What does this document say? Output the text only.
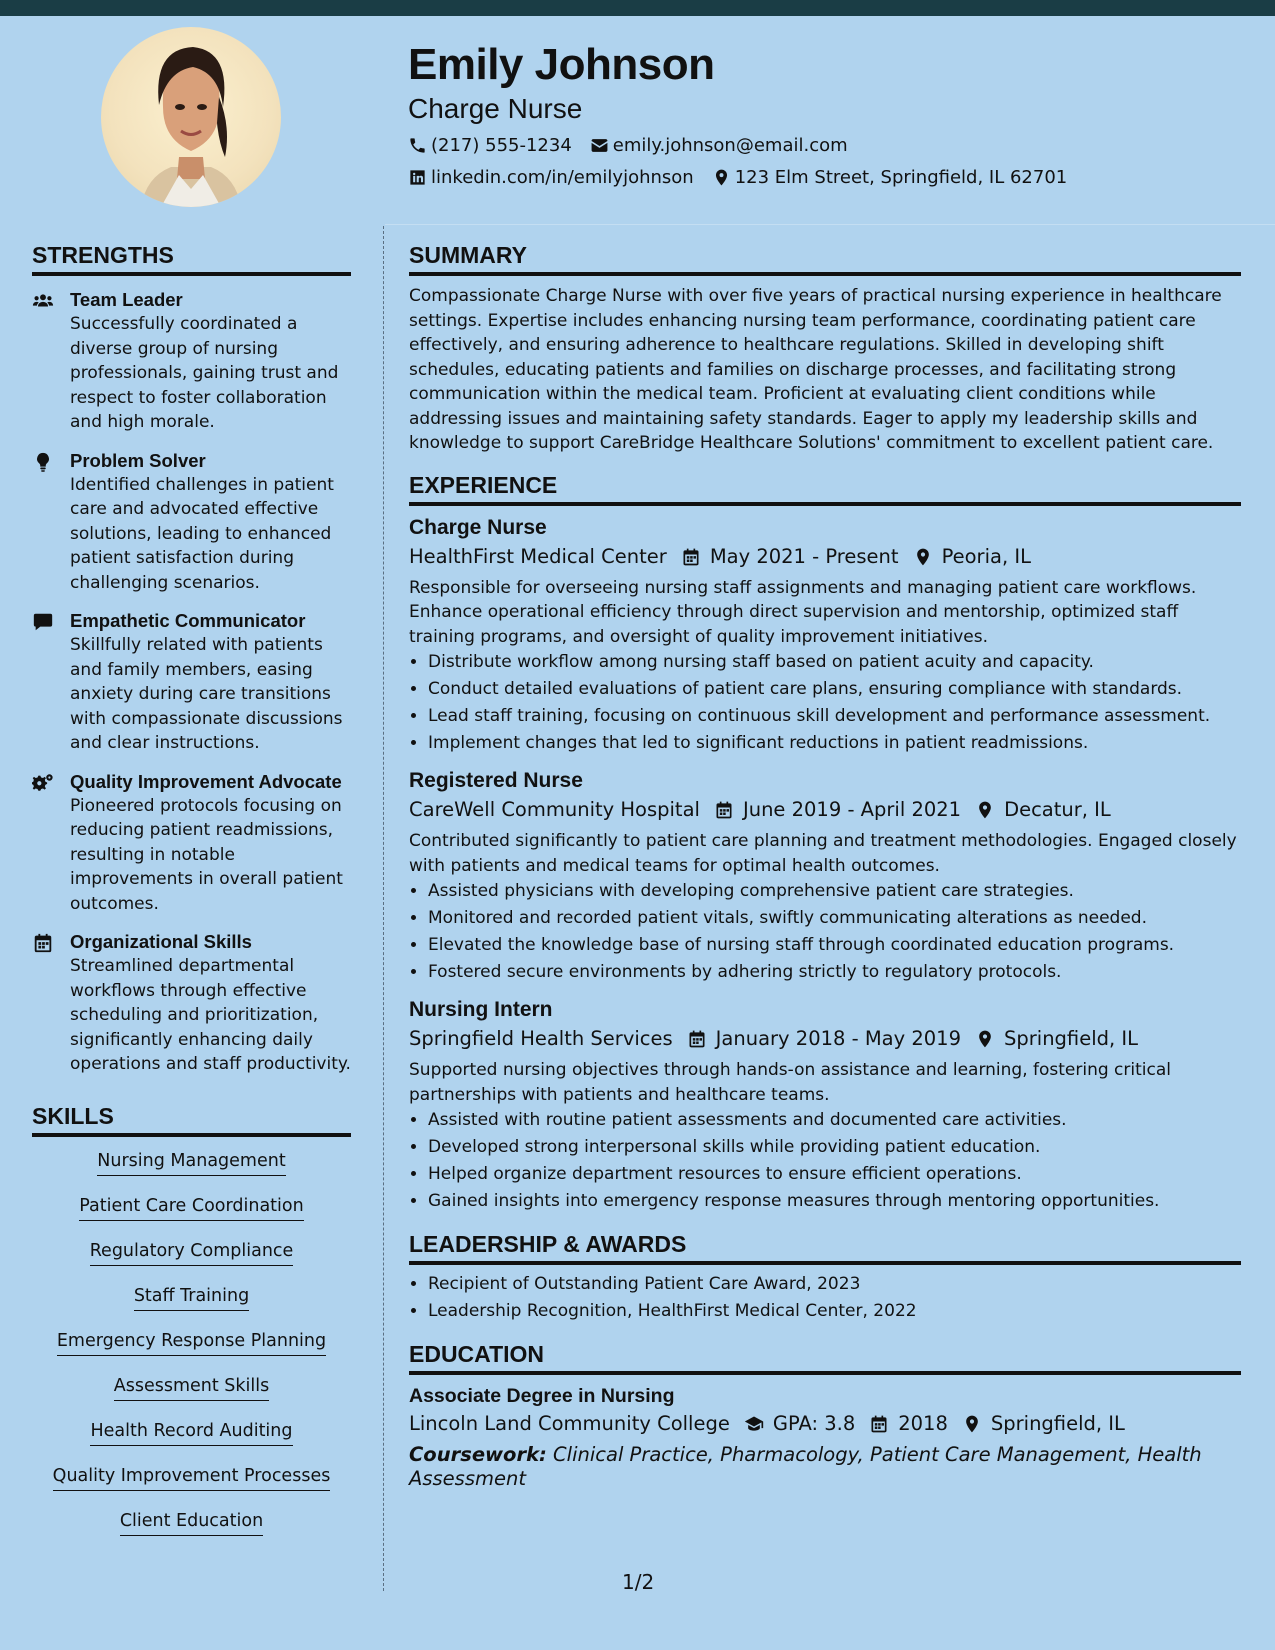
Emily Johnson
Charge Nurse
(217) 555-1234 emily.johnson@email.com
linkedin.com/in/emilyjohnson 123 Elm Street, Springfield, IL 62701
STRENGTHS
Team Leader
Successfully coordinated a diverse group of nursing professionals, gaining trust and respect to foster collaboration and high morale.
Problem Solver
Identified challenges in patient care and advocated effective solutions, leading to enhanced patient satisfaction during challenging scenarios.
Empathetic Communicator
Skillfully related with patients and family members, easing anxiety during care transitions with compassionate discussions and clear instructions.
Quality Improvement Advocate
Pioneered protocols focusing on reducing patient readmissions, resulting in notable improvements in overall patient outcomes.
Organizational Skills
Streamlined departmental workflows through effective scheduling and prioritization, significantly enhancing daily operations and staff productivity.
SKILLS
Nursing Management
Patient Care Coordination
Regulatory Compliance
Staff Training
Emergency Response Planning
Assessment Skills
Health Record Auditing
Quality Improvement Processes
Client Education
SUMMARY

Compassionate Charge Nurse with over five years of practical nursing experience in healthcare settings. Expertise includes enhancing nursing team performance, coordinating patient care effectively, and ensuring adherence to healthcare regulations. Skilled in developing shift schedules, educating patients and families on discharge processes, and facilitating strong communication within the medical team. Proficient at evaluating client conditions while addressing issues and maintaining safety standards. Eager to apply my leadership skills and knowledge to support CareBridge Healthcare Solutions' commitment to excellent patient care.

EXPERIENCE
Charge Nurse
HealthFirst Medical Center May 2021 - Present Peoria, IL
Responsible for overseeing nursing staff assignments and managing patient care workflows. Enhance operational efficiency through direct supervision and mentorship, optimized staff training programs, and oversight of quality improvement initiatives.
• Distribute workflow among nursing staff based on patient acuity and capacity.
• Conduct detailed evaluations of patient care plans, ensuring compliance with standards.
• Lead staff training, focusing on continuous skill development and performance assessment.
• Implement changes that led to significant reductions in patient readmissions.
Registered Nurse
CareWell Community Hospital June 2019 - April 2021 Decatur, IL
Contributed significantly to patient care planning and treatment methodologies. Engaged closely with patients and medical teams for optimal health outcomes.
• Assisted physicians with developing comprehensive patient care strategies.
• Monitored and recorded patient vitals, swiftly communicating alterations as needed.
• Elevated the knowledge base of nursing staff through coordinated education programs.
• Fostered secure environments by adhering strictly to regulatory protocols.
Nursing Intern
Springfield Health Services January 2018 - May 2019 Springfield, IL
Supported nursing objectives through hands-on assistance and learning, fostering critical partnerships with patients and healthcare teams.
• Assisted with routine patient assessments and documented care activities.
• Developed strong interpersonal skills while providing patient education.
• Helped organize department resources to ensure efficient operations.
• Gained insights into emergency response measures through mentoring opportunities.
LEADERSHIP & AWARDS
• Recipient of Outstanding Patient Care Award, 2023
• Leadership Recognition, HealthFirst Medical Center, 2022
EDUCATION
Associate Degree in Nursing
Lincoln Land Community College GPA: 3.8 2018 Springfield, IL
Coursework: Clinical Practice, Pharmacology, Patient Care Management, Health Assessment
1/2
